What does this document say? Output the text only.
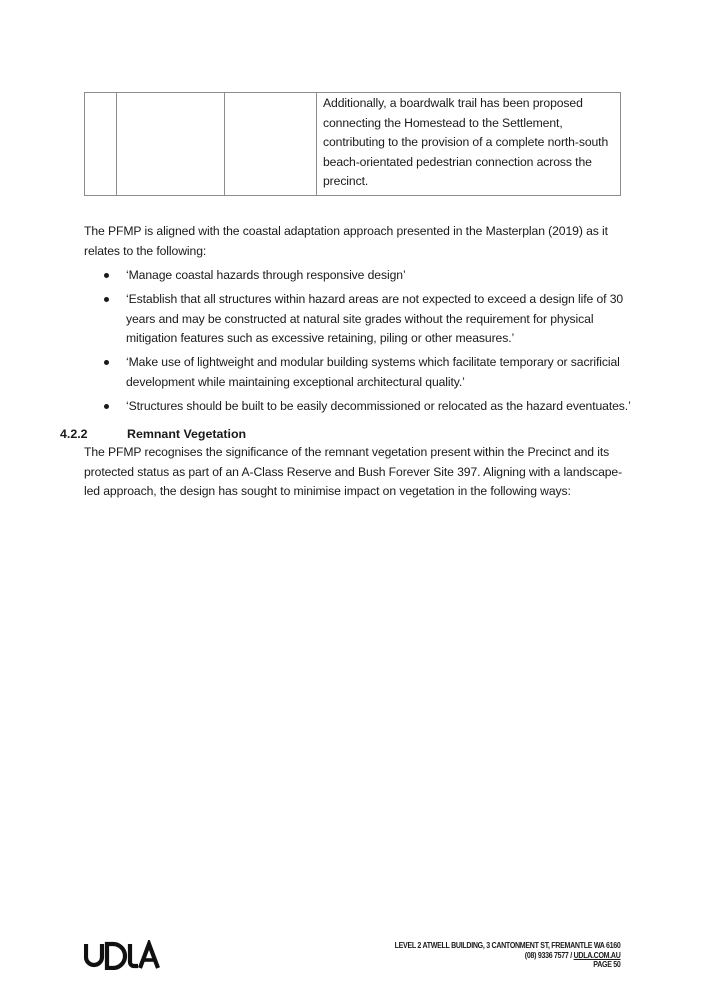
Additionally, a boardwalk trail has been proposed

connecting the Homestead to the Settlement,

contributing to the provision of a complete north-south

beach-orientated pedestrian connection across the

precinct.

The PFMP is aligned with the coastal adaptation approach presented in the Masterplan (2019) as it relates to the following:

‘Manage coastal hazards through responsive design’
‘Establish that all structures within hazard areas are not expected to exceed a design life of 30 years and may be constructed at natural site grades without the requirement for physical mitigation features such as excessive retaining, piling or other measures.’
‘Make use of lightweight and modular building systems which facilitate temporary or sacrificial development while maintaining exceptional architectural quality.’
‘Structures should be built to be easily decommissioned or relocated as the hazard eventuates.’
4.2.2	Remnant Vegetation

The PFMP recognises the significance of the remnant vegetation present within the Precinct and its protected status as part of an A-Class Reserve and Bush Forever Site 397. Aligning with a landscape-led approach, the design has sought to minimise impact on vegetation in the following ways:

LEVEL 2 ATWELL BUILDING, 3 CANTONMENT ST, FREMANTLE WA 6160
(08) 9336 7577 / UDLA.COM.AU
PAGE 50
